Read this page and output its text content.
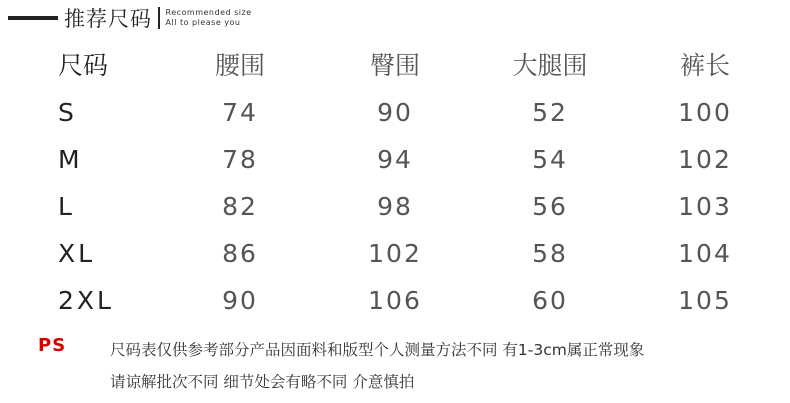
推荐尺码 Recommended size
All to please you
尺码	腰围	臀围	大腿围	裤长
S	74	90	52	100
M	78	94	54	102
L	82	98	56	103
XL	86	102	58	104
2XL	90	106	60	105
PS	尺码表仅供参考部分产品因面料和版型个人测量方法不同 有1-3cm属正常现象
请谅解批次不同 细节处会有略不同 介意慎拍
